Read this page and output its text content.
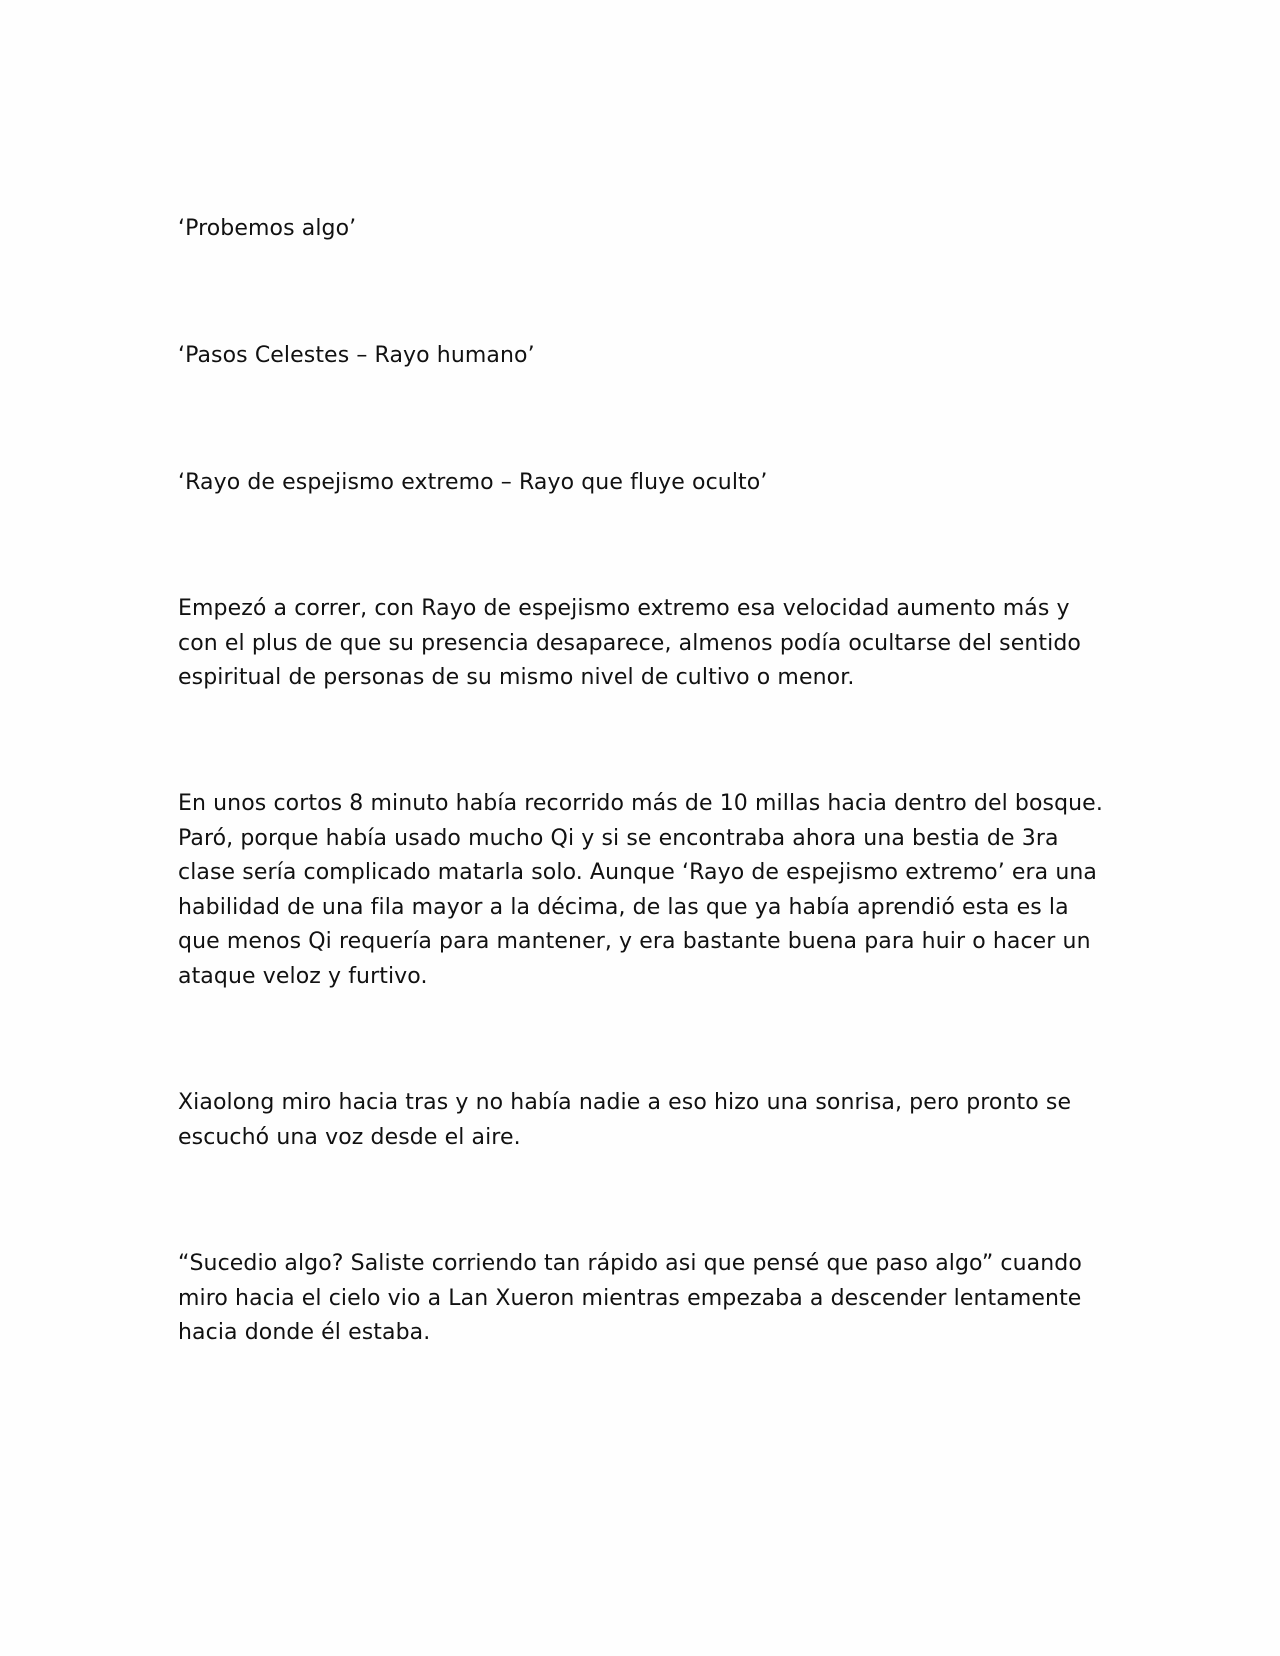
‘Probemos algo’

‘Pasos Celestes – Rayo humano’

‘Rayo de espejismo extremo – Rayo que fluye oculto’

Empezó a correr, con Rayo de espejismo extremo esa velocidad aumento más y con el plus de que su presencia desaparece, almenos podía ocultarse del sentido espiritual de personas de su mismo nivel de cultivo o menor.

En unos cortos 8 minuto había recorrido más de 10 millas hacia dentro del bosque. Paró, porque había usado mucho Qi y si se encontraba ahora una bestia de 3ra clase sería complicado matarla solo. Aunque ‘Rayo de espejismo extremo’ era una habilidad de una fila mayor a la décima, de las que ya había aprendió esta es la que menos Qi requería para mantener, y era bastante buena para huir o hacer un ataque veloz y furtivo.

Xiaolong miro hacia tras y no había nadie a eso hizo una sonrisa, pero pronto se escuchó una voz desde el aire.

“Sucedio algo? Saliste corriendo tan rápido asi que pensé que paso algo” cuando miro hacia el cielo vio a Lan Xueron mientras empezaba a descender lentamente hacia donde él estaba.
